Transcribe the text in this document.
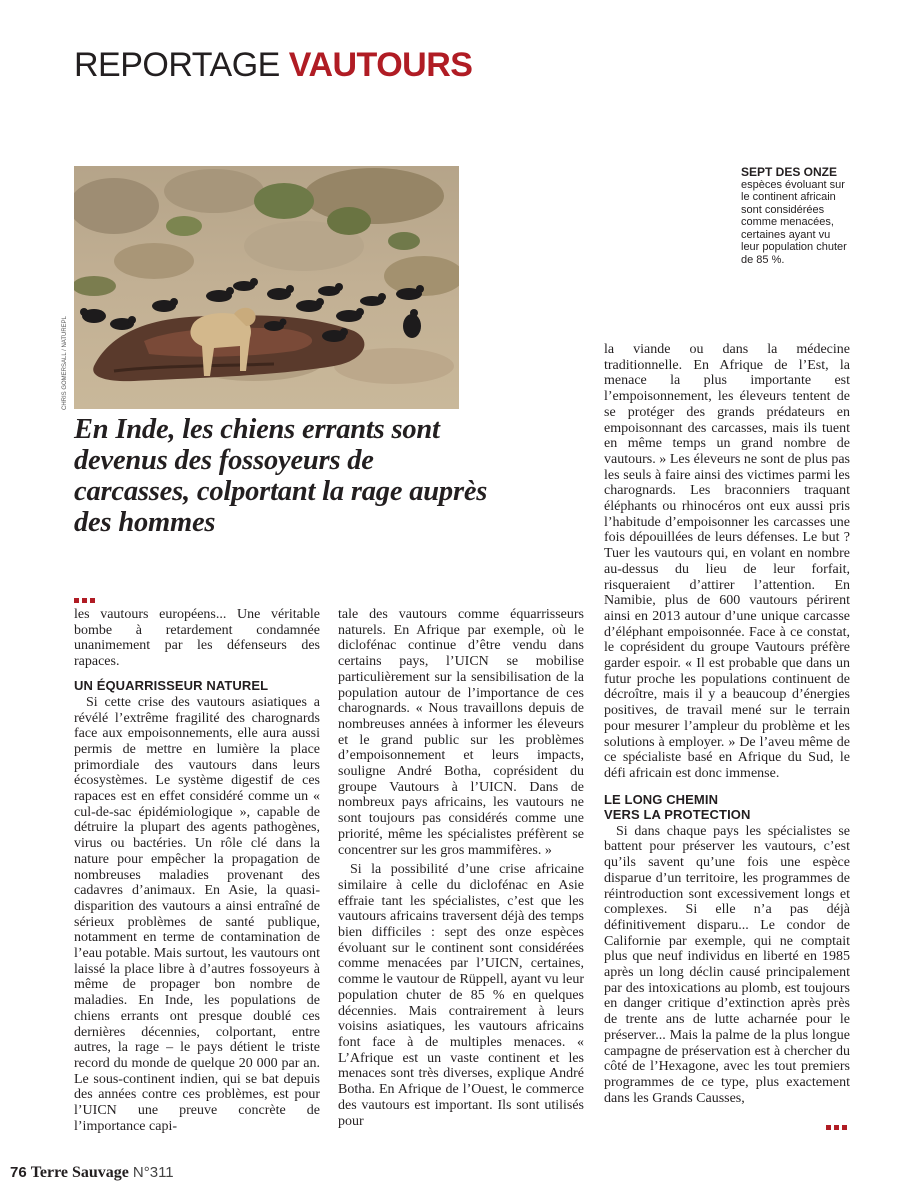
REPORTAGE VAUTOURS
CHRIS GOMERSALL / NATUREPL
SEPT DES ONZE
espèces évoluant sur le continent africain sont considérées comme menacées, certaines ayant vu leur population chuter de 85 %.
En Inde, les chiens errants sont devenus des fossoyeurs de carcasses, colportant la rage auprès des hommes

les vautours européens... Une véritable bombe à retardement condamnée unanimement par les défenseurs des rapaces.

UN ÉQUARRISSEUR NATUREL

Si cette crise des vautours asiatiques a révélé l’extrême fragilité des charognards face aux empoisonnements, elle aura aussi permis de mettre en lumière la place primordiale des vautours dans leurs écosystèmes. Le système digestif de ces rapaces est en effet considéré comme un « cul-de-sac épidémiologique », capable de détruire la plupart des agents pathogènes, virus ou bactéries. Un rôle clé dans la nature pour empêcher la propagation de nombreuses maladies provenant des cadavres d’animaux. En Asie, la quasi-disparition des vautours a ainsi entraîné de sérieux problèmes de santé publique, notamment en terme de contamination de l’eau potable. Mais surtout, les vautours ont laissé la place libre à d’autres fossoyeurs à même de propager bon nombre de maladies. En Inde, les populations de chiens errants ont presque doublé ces dernières décennies, colportant, entre autres, la rage – le pays détient le triste record du monde de quelque 20 000 par an. Le sous-continent indien, qui se bat depuis des années contre ces problèmes, est pour l’UICN une preuve concrète de l’importance capi-

tale des vautours comme équarrisseurs naturels. En Afrique par exemple, où le diclofénac continue d’être vendu dans certains pays, l’UICN se mobilise particulièrement sur la sensibilisation de la population autour de l’importance de ces charognards. « Nous travaillons depuis de nombreuses années à informer les éleveurs et le grand public sur les problèmes d’empoisonnement et leurs impacts, souligne André Botha, coprésident du groupe Vautours à l’UICN. Dans de nombreux pays africains, les vautours ne sont toujours pas considérés comme une priorité, même les spécialistes préfèrent se concentrer sur les gros mammifères. »

Si la possibilité d’une crise africaine similaire à celle du diclofénac en Asie effraie tant les spécialistes, c’est que les vautours africains traversent déjà des temps bien difficiles : sept des onze espèces évoluant sur le continent sont considérées comme menacées par l’UICN, certaines, comme le vautour de Rüppell, ayant vu leur population chuter de 85 % en quelques décennies. Mais contrairement à leurs voisins asiatiques, les vautours africains font face à de multiples menaces. « L’Afrique est un vaste continent et les menaces sont très diverses, explique André Botha. En Afrique de l’Ouest, le commerce des vautours est important. Ils sont utilisés pour

la viande ou dans la médecine traditionnelle. En Afrique de l’Est, la menace la plus importante est l’empoisonnement, les éleveurs tentent de se protéger des grands prédateurs en empoisonnant des carcasses, mais ils tuent en même temps un grand nombre de vautours. » Les éleveurs ne sont de plus pas les seuls à faire ainsi des victimes parmi les charognards. Les braconniers traquant éléphants ou rhinocéros ont eux aussi pris l’habitude d’empoisonner les carcasses une fois dépouillées de leurs défenses. Le but ? Tuer les vautours qui, en volant en nombre au-dessus du lieu de leur forfait, risqueraient d’attirer l’attention. En Namibie, plus de 600 vautours périrent ainsi en 2013 autour d’une unique carcasse d’éléphant empoisonnée. Face à ce constat, le coprésident du groupe Vautours préfère garder espoir. « Il est probable que dans un futur proche les populations continuent de décroître, mais il y a beaucoup d’énergies positives, de travail mené sur le terrain pour mesurer l’ampleur du problème et les solutions à employer. » De l’aveu même de ce spécialiste basé en Afrique du Sud, le défi africain est donc immense.

LE LONG CHEMIN
VERS LA PROTECTION

Si dans chaque pays les spécialistes se battent pour préserver les vautours, c’est qu’ils savent qu’une fois une espèce disparue d’un territoire, les programmes de réintroduction sont excessivement longs et complexes. Si elle n’a pas déjà définitivement disparu... Le condor de Californie par exemple, qui ne comptait plus que neuf individus en liberté en 1985 après un long déclin causé principalement par des intoxications au plomb, est toujours en danger critique d’extinction après près de trente ans de lutte acharnée pour le préserver... Mais la palme de la plus longue campagne de préservation est à chercher du côté de l’Hexagone, avec les tout premiers programmes de ce type, plus exactement dans les Grands Causses,

76 Terre Sauvage N°311
